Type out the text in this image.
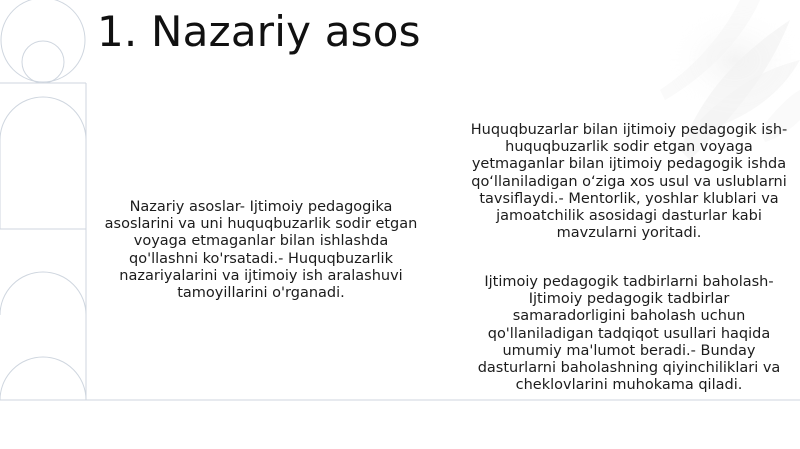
1. Nazariy asos

Nazariy asoslar- Ijtimoiy pedagogika asoslarini va uni huquqbuzarlik sodir etgan voyaga etmaganlar bilan ishlashda qo'llashni ko'rsatadi.- Huquqbuzarlik nazariyalarini va ijtimoiy ish aralashuvi tamoyillarini o'rganadi.

Huquqbuzarlar bilan ijtimoiy pedagogik ish- huquqbuzarlik sodir etgan voyaga yetmaganlar bilan ijtimoiy pedagogik ishda qo‘llaniladigan o‘ziga xos usul va uslublarni tavsiflaydi.- Mentorlik, yoshlar klublari va jamoatchilik asosidagi dasturlar kabi mavzularni yoritadi.

Ijtimoiy pedagogik tadbirlarni baholash- Ijtimoiy pedagogik tadbirlar samaradorligini baholash uchun qo'llaniladigan tadqiqot usullari haqida umumiy ma'lumot beradi.- Bunday dasturlarni baholashning qiyinchiliklari va cheklovlarini muhokama qiladi.
